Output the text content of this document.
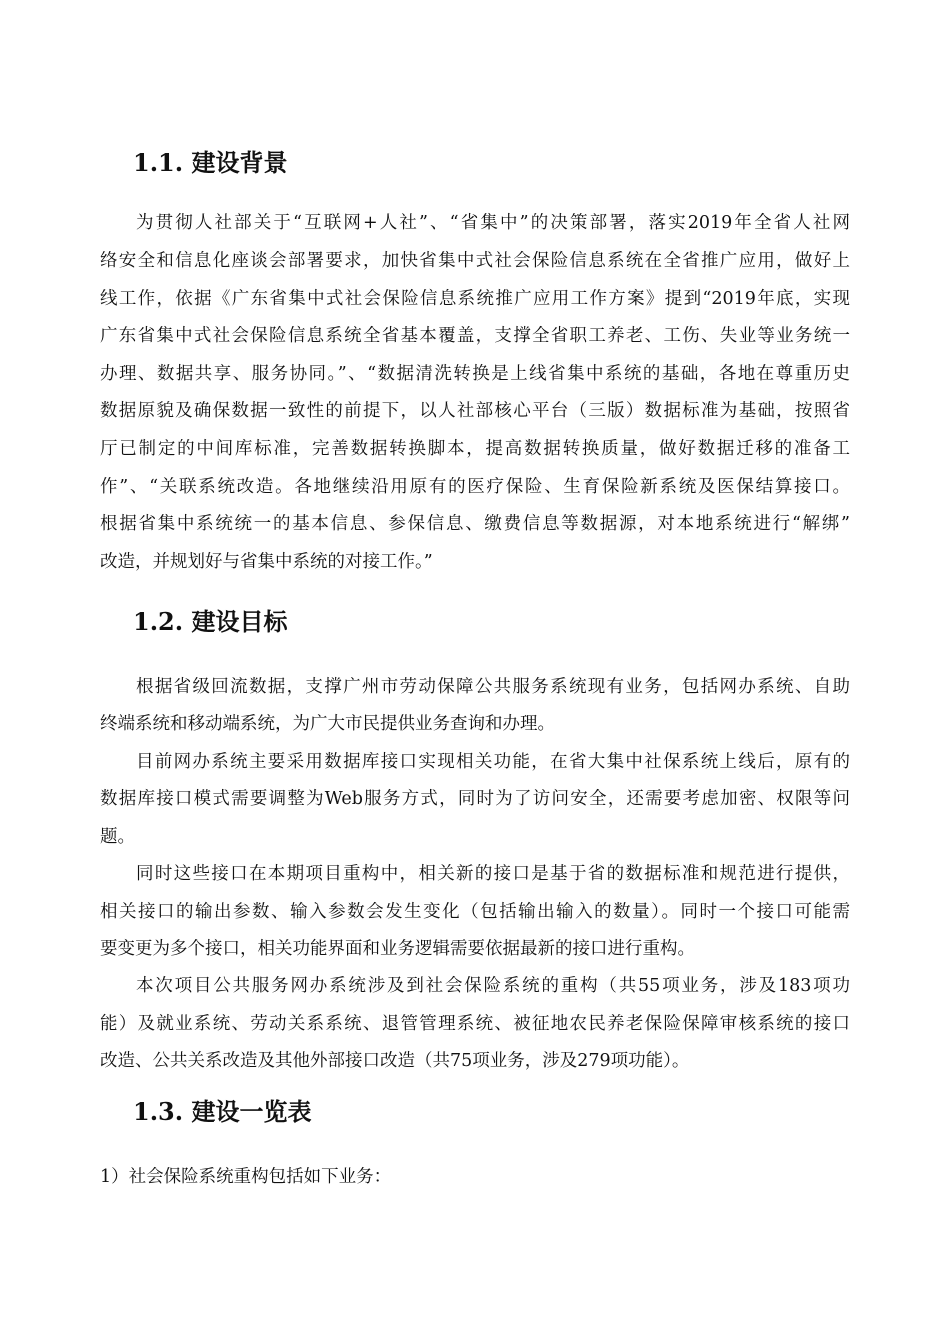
1.1. 建设背景
为贯彻人社部关于“互联网+人社”、“省集中”的决策部署，落实2019年全省人社网
络安全和信息化座谈会部署要求，加快省集中式社会保险信息系统在全省推广应用，做好上
线工作，依据《广东省集中式社会保险信息系统推广应用工作方案》提到“2019年底，实现
广东省集中式社会保险信息系统全省基本覆盖，支撑全省职工养老、工伤、失业等业务统一
办理、数据共享、服务协同。”、“数据清洗转换是上线省集中系统的基础，各地在尊重历史
数据原貌及确保数据一致性的前提下，以人社部核心平台（三版）数据标准为基础，按照省
厅已制定的中间库标准，完善数据转换脚本，提高数据转换质量，做好数据迁移的准备工
作”、“关联系统改造。各地继续沿用原有的医疗保险、生育保险新系统及医保结算接口。
根据省集中系统统一的基本信息、参保信息、缴费信息等数据源，对本地系统进行“解绑”
改造，并规划好与省集中系统的对接工作。”
1.2. 建设目标
根据省级回流数据，支撑广州市劳动保障公共服务系统现有业务，包括网办系统、自助
终端系统和移动端系统，为广大市民提供业务查询和办理。
目前网办系统主要采用数据库接口实现相关功能，在省大集中社保系统上线后，原有的
数据库接口模式需要调整为Web服务方式，同时为了访问安全，还需要考虑加密、权限等问
题。
同时这些接口在本期项目重构中，相关新的接口是基于省的数据标准和规范进行提供，
相关接口的输出参数、输入参数会发生变化（包括输出输入的数量）。同时一个接口可能需
要变更为多个接口，相关功能界面和业务逻辑需要依据最新的接口进行重构。
本次项目公共服务网办系统涉及到社会保险系统的重构（共55项业务，涉及183项功
能）及就业系统、劳动关系系统、退管管理系统、被征地农民养老保险保障审核系统的接口
改造、公共关系改造及其他外部接口改造（共75项业务，涉及279项功能）。
1.3. 建设一览表
1）社会保险系统重构包括如下业务：
